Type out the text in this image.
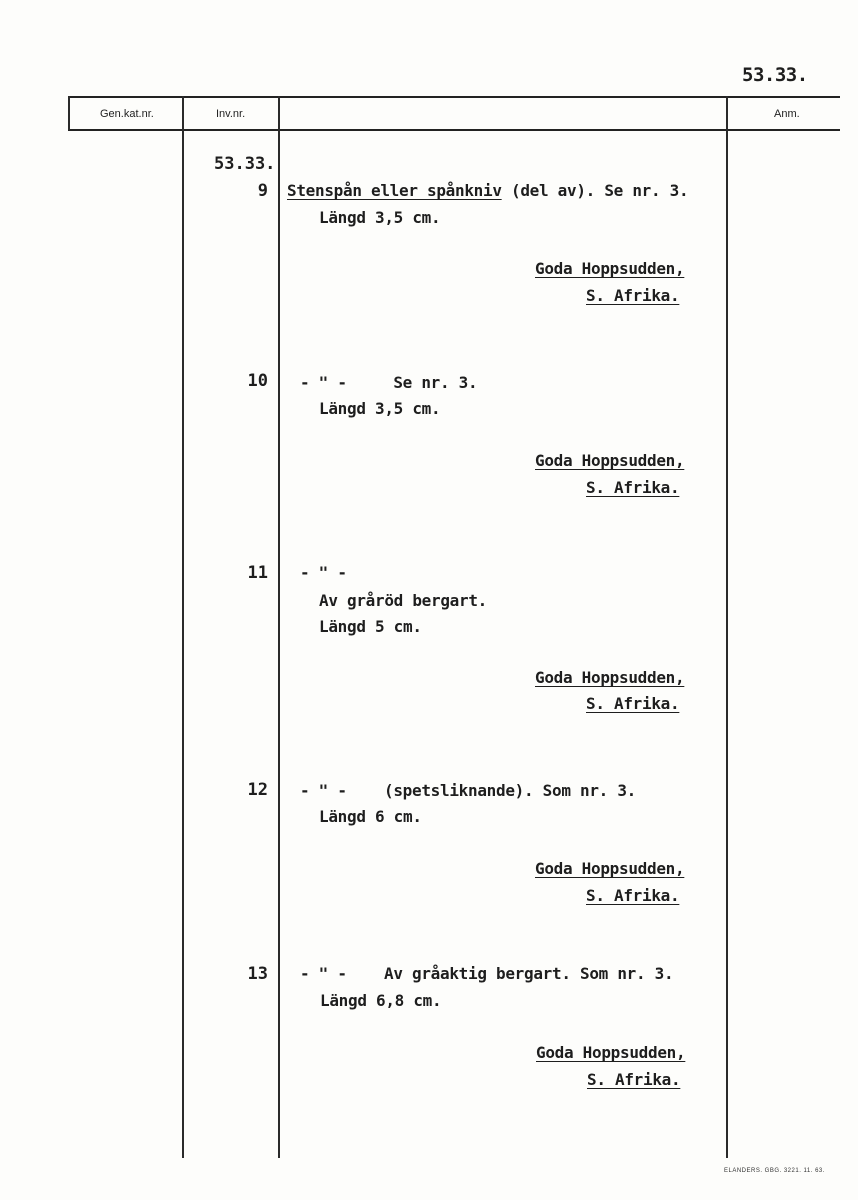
53.33.
Gen.kat.nr.	Inv.nr.	Anm.
53.33.
9 Stenspån eller spånkniv (del av). Se nr. 3.
Längd 3,5 cm.
Goda Hoppsudden,
S. Afrika.
10 - " -     Se nr. 3.
Längd 3,5 cm.
Goda Hoppsudden,
S. Afrika.
11 - " -
Av gråröd bergart.
Längd 5 cm.
Goda Hoppsudden,
S. Afrika.
12 - " -    (spetsliknande). Som nr. 3.
Längd 6 cm.
Goda Hoppsudden,
S. Afrika.
13 - " -    Av gråaktig bergart. Som nr. 3.
Längd 6,8 cm.
Goda Hoppsudden,
S. Afrika.
ELANDERS. GBG. 3221. 11. 63.
